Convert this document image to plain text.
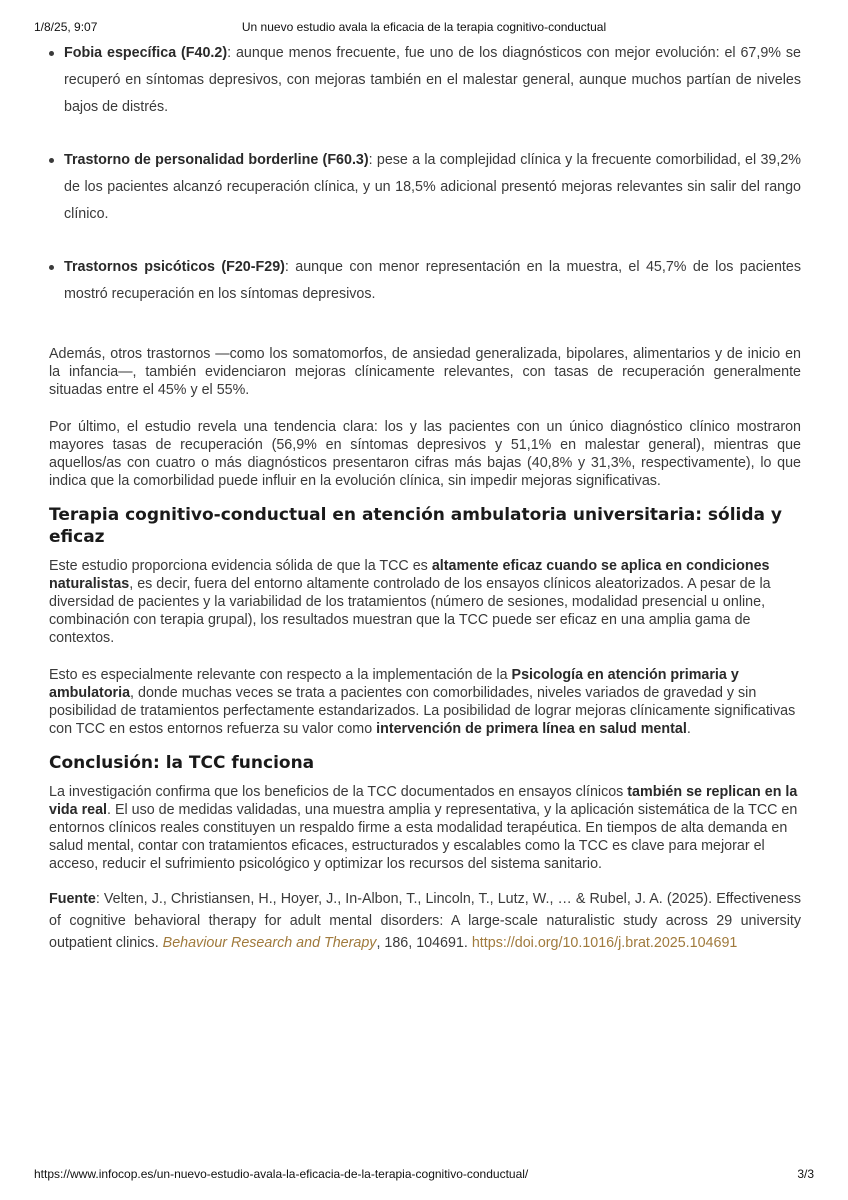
1/8/25, 9:07	Un nuevo estudio avala la eficacia de la terapia cognitivo-conductual
Fobia específica (F40.2): aunque menos frecuente, fue uno de los diagnósticos con mejor evolución: el 67,9% se recuperó en síntomas depresivos, con mejoras también en el malestar general, aunque muchos partían de niveles bajos de distrés.
Trastorno de personalidad borderline (F60.3): pese a la complejidad clínica y la frecuente comorbilidad, el 39,2% de los pacientes alcanzó recuperación clínica, y un 18,5% adicional presentó mejoras relevantes sin salir del rango clínico.
Trastornos psicóticos (F20-F29): aunque con menor representación en la muestra, el 45,7% de los pacientes mostró recuperación en los síntomas depresivos.

Además, otros trastornos —como los somatomorfos, de ansiedad generalizada, bipolares, alimentarios y de inicio en la infancia—, también evidenciaron mejoras clínicamente relevantes, con tasas de recuperación generalmente situadas entre el 45% y el 55%.

Por último, el estudio revela una tendencia clara: los y las pacientes con un único diagnóstico clínico mostraron mayores tasas de recuperación (56,9% en síntomas depresivos y 51,1% en malestar general), mientras que aquellos/as con cuatro o más diagnósticos presentaron cifras más bajas (40,8% y 31,3%, respectivamente), lo que indica que la comorbilidad puede influir en la evolución clínica, sin impedir mejoras significativas.

Terapia cognitivo-conductual en atención ambulatoria universitaria: sólida y eficaz

Este estudio proporciona evidencia sólida de que la TCC es altamente eficaz cuando se aplica en condiciones naturalistas, es decir, fuera del entorno altamente controlado de los ensayos clínicos aleatorizados. A pesar de la diversidad de pacientes y la variabilidad de los tratamientos (número de sesiones, modalidad presencial u online, combinación con terapia grupal), los resultados muestran que la TCC puede ser eficaz en una amplia gama de contextos.

Esto es especialmente relevante con respecto a la implementación de la Psicología en atención primaria y ambulatoria, donde muchas veces se trata a pacientes con comorbilidades, niveles variados de gravedad y sin posibilidad de tratamientos perfectamente estandarizados. La posibilidad de lograr mejoras clínicamente significativas con TCC en estos entornos refuerza su valor como intervención de primera línea en salud mental.

Conclusión: la TCC funciona

La investigación confirma que los beneficios de la TCC documentados en ensayos clínicos también se replican en la vida real. El uso de medidas validadas, una muestra amplia y representativa, y la aplicación sistemática de la TCC en entornos clínicos reales constituyen un respaldo firme a esta modalidad terapéutica. En tiempos de alta demanda en salud mental, contar con tratamientos eficaces, estructurados y escalables como la TCC es clave para mejorar el acceso, reducir el sufrimiento psicológico y optimizar los recursos del sistema sanitario.

Fuente: Velten, J., Christiansen, H., Hoyer, J., In-Albon, T., Lincoln, T., Lutz, W., … & Rubel, J. A. (2025). Effectiveness of cognitive behavioral therapy for adult mental disorders: A large-scale naturalistic study across 29 university outpatient clinics. Behaviour Research and Therapy, 186, 104691. https://doi.org/10.1016/j.brat.2025.104691

https://www.infocop.es/un-nuevo-estudio-avala-la-eficacia-de-la-terapia-cognitivo-conductual/	3/3
